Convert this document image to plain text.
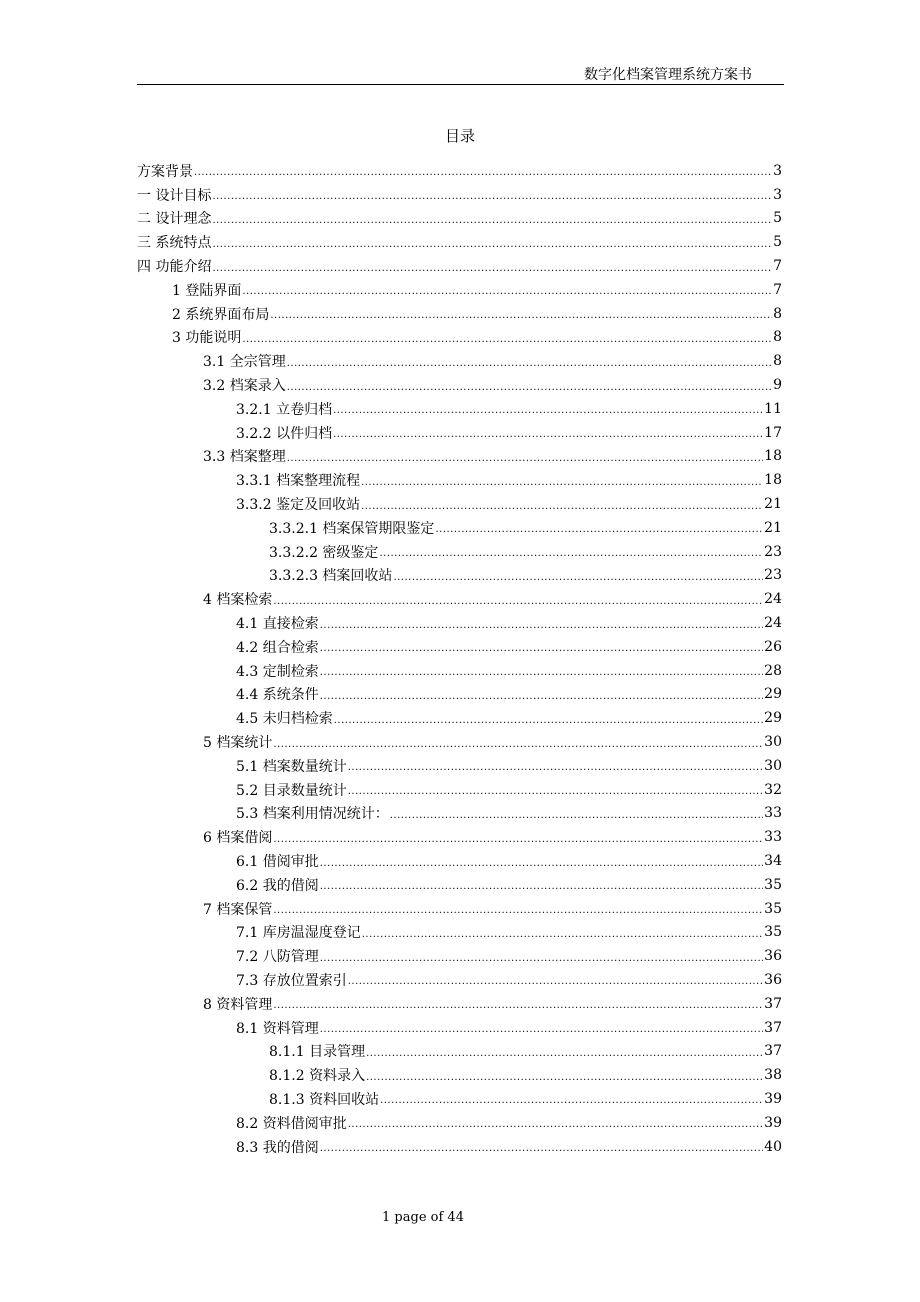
数字化档案管理系统方案书
目录
方案背景 .....	3
一 设计目标 .....	3
二 设计理念 .....	5
三 系统特点 .....	5
四 功能介绍 .....	7
1 登陆界面 .....	7
2 系统界面布局 .....	8
3 功能说明 .....	8
3.1 全宗管理 .....	8
3.2 档案录入 .....	9
3.2.1 立卷归档 .....	11
3.2.2 以件归档 .....	17
3.3 档案整理 .....	18
3.3.1 档案整理流程 .....	18
3.3.2 鉴定及回收站 .....	21
3.3.2.1 档案保管期限鉴定 .....	21
3.3.2.2 密级鉴定 .....	23
3.3.2.3 档案回收站 .....	23
4 档案检索 .....	24
4.1 直接检索 .....	24
4.2 组合检索 .....	26
4.3 定制检索 .....	28
4.4 系统条件 .....	29
4.5 未归档检索 .....	29
5 档案统计 .....	30
5.1 档案数量统计 .....	30
5.2 目录数量统计 .....	32
5.3 档案利用情况统计： .....	33
6 档案借阅 .....	33
6.1 借阅审批 .....	34
6.2 我的借阅 .....	35
7 档案保管 .....	35
7.1 库房温湿度登记 .....	35
7.2 八防管理 .....	36
7.3 存放位置索引 .....	36
8 资料管理 .....	37
8.1 资料管理 .....	37
8.1.1 目录管理 .....	37
8.1.2 资料录入 .....	38
8.1.3 资料回收站 .....	39
8.2 资料借阅审批 .....	39
8.3 我的借阅 .....	40
1 page of 44
